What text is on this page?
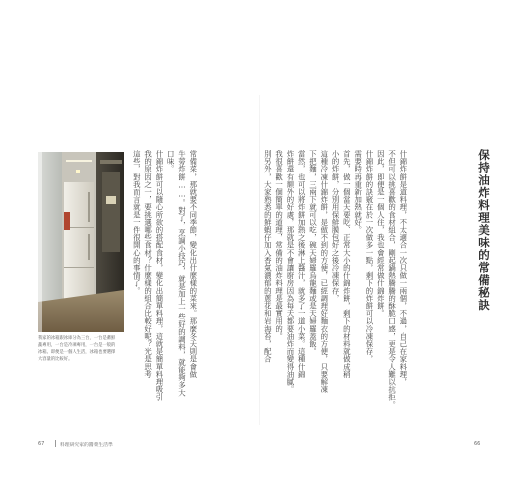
我家的冰箱跟冰庫分為三台，一台是蓄鮮
蔬專用，一台是冷凍專用，一台是一般的
冰箱。即便是一個人生活，冰箱也要選擇
大容量的比較好。	常備菜，那就要不同季節，變化出什麼樣的菜來。那麼冬天則是會做

牛蒡炸餅……。對了，烹調小技巧，就是加上一些好的調料，就能夠多大

口味。

什錦炸餅可以隨心所欲的搭配食材，變化出簡單料理，這就是簡單料理吸引

我的原因之一，要挑選哪些食材？什麼樣的組合比較好呢？光是思考

這些，對我而言就是一件很開心的事情了。	什錦炸餅是道料理，不太適合一次只做一兩個，不過，自己在家料理，

不但可以挑喜歡的食材組合，剛起鍋熱騰騰的酥脆口感，更是令人難以抗拒。

因此，即便是一個人住，我也會經常做什錦炸餅。

什錦炸餅的訣竅在於一次做多一點，剩下的炸餅可以冷凍保存，

需要時再重新加熱就好。

首先，做一個當天要吃、正常大小的什錦炸餅，剩下的材料就做成稍

小的炸餅，分別用保鮮膜包好之後冷凍保存，

這種冷凍什錦炸餅，是做不到的方便，已經調理好麵衣的方便，只要解凍

下把麵，三兩下就可以吃，碗天婦羅烏龍麵或是天婦羅蓋飯。

當然，也可以將炸餅加熱之後淋上醬汁，就多了一道小菜。這種什錦

炸餅還有額外的好處，那就是不會讓廚房因為每天都要油炸而變得油膩。

我很喜歡一個簡單的道理，常備的油炸料理是最實用的。

別另外，大家熟悉的鮮蝦仔加入香氣濃郁的蔥花和岩海苔，配合	保持油炸料理美味的常備秘訣
67	料理研究家的醬菜生活學	66
